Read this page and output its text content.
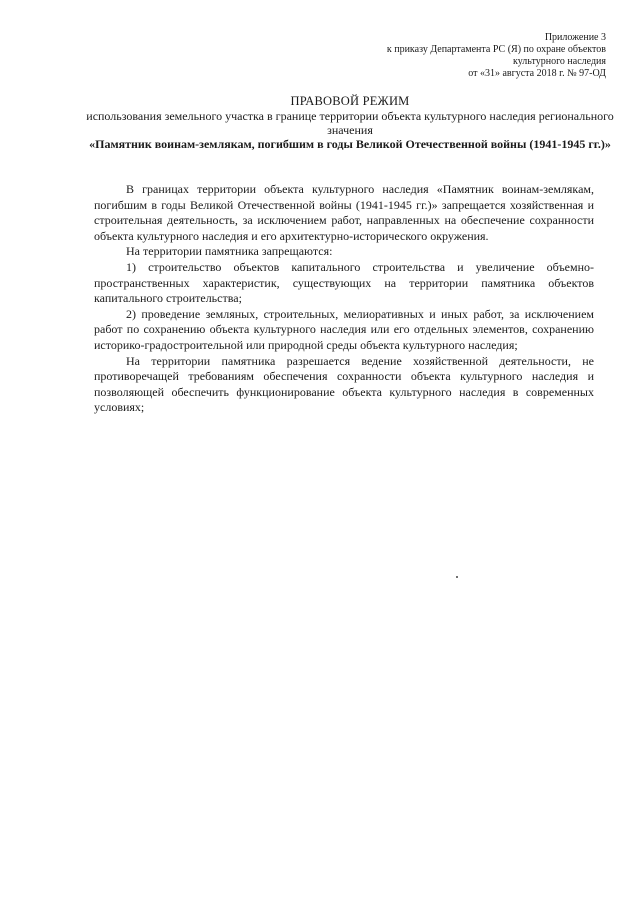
Приложение 3
к приказу Департамента РС (Я) по охране объектов
культурного наследия
от «31» августа 2018 г. № 97-ОД
ПРАВОВОЙ РЕЖИМ
использования земельного участка в границе территории объекта культурного наследия регионального значения
«Памятник воинам-землякам, погибшим в годы Великой Отечественной войны (1941-1945 гг.)»

В границах территории объекта культурного наследия «Памятник воинам-землякам, погибшим в годы Великой Отечественной войны (1941-1945 гг.)» запрещается хозяйственная и строительная деятельность, за исключением работ, направленных на обеспечение сохранности объекта культурного наследия и его архитектурно-исторического окружения.

На территории памятника запрещаются:

1) строительство объектов капитального строительства и увеличение объемно-пространственных характеристик, существующих на территории памятника объектов капитального строительства;

2) проведение земляных, строительных, мелиоративных и иных работ, за исключением работ по сохранению объекта культурного наследия или его отдельных элементов, сохранению историко-градостроительной или природной среды объекта культурного наследия;

На территории памятника разрешается ведение хозяйственной деятельности, не противоречащей требованиям обеспечения сохранности объекта культурного наследия и позволяющей обеспечить функционирование объекта культурного наследия в современных условиях;
